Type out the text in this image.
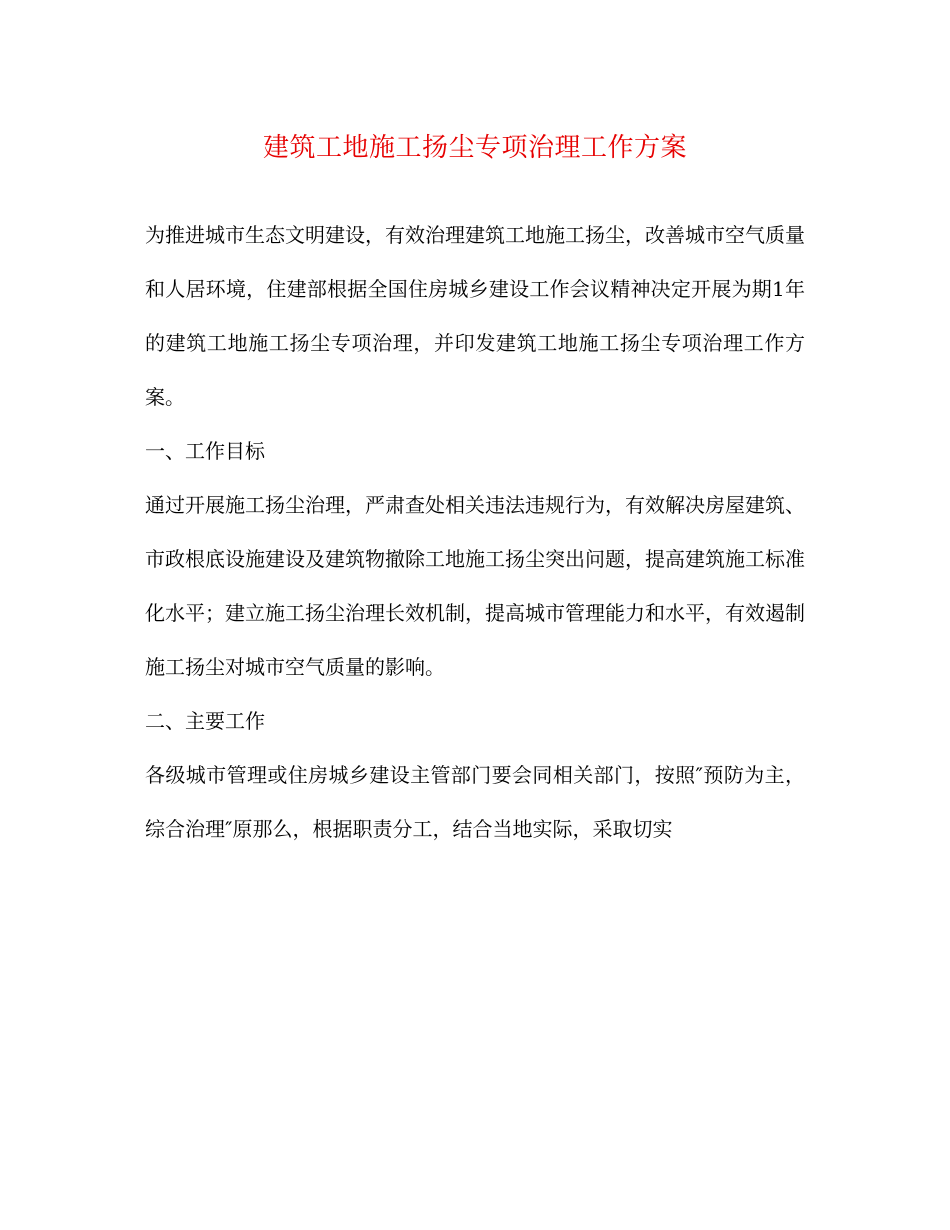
建筑工地施工扬尘专项治理工作方案

为推进城市生态文明建设，有效治理建筑工地施工扬尘，改善城市空气质量和人居环境，住建部根据全国住房城乡建设工作会议精神决定开展为期1年的建筑工地施工扬尘专项治理，并印发建筑工地施工扬尘专项治理工作方案。

一、工作目标

通过开展施工扬尘治理，严肃查处相关违法违规行为，有效解决房屋建筑、市政根底设施建设及建筑物撤除工地施工扬尘突出问题，提高建筑施工标准化水平；建立施工扬尘治理长效机制，提高城市管理能力和水平，有效遏制施工扬尘对城市空气质量的影响。

二、主要工作

各级城市管理或住房城乡建设主管部门要会同相关部门，按照″预防为主，综合治理″原那么，根据职责分工，结合当地实际，采取切实
